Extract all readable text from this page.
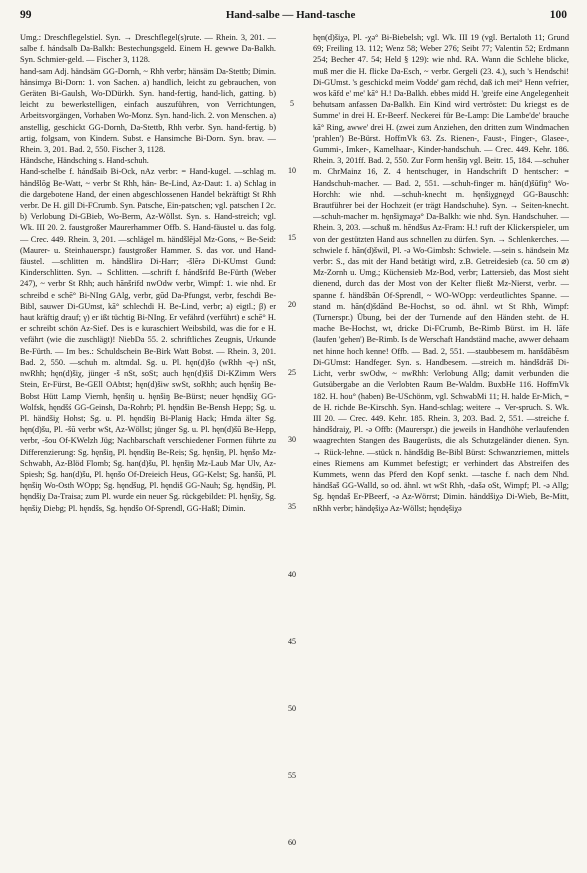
99	Hand-salbe — Hand-tasche	100

Umg.: Dreschflegelstiel. Syn. → Dreschflegel(s)rute. — Rhein. 3, 201. —salbe f. hándsalb Da-Balkh: Bestechungsgeld. Einem H. gewwe Da-Balkh. Syn. Schmier-geld. — Fischer 3, 1128.

hand-sam Adj. händsäm GG-Dornh, ~ Rhh verbr; hänsäm Da-Stettb; Dimin. hänsimχə Bi-Dorn: 1. von Sachen. a) handlich, leicht zu gebrauchen, von Geräten Bi-Gaulsh, Wo-DDürkh. Syn. hand-fertig, hand-lich, gatting. b) leicht zu bewerkstelligen, einfach auszuführen, von Verrichtungen, Arbeitsvorgängen, Vorhaben Wo-Monz. Syn. hand-lich. 2. von Menschen. a) anstellig, geschickt GG-Dornh, Da-Stettb, Rhh verbr. Syn. hand-fertig. b) artig, folgsam, von Kindern. Subst. e Hansimche Bi-Dorn. Syn. brav. — Rhein. 3, 201. Bad. 2, 550. Fischer 3, 1128.

Händsche, Händsching s. Hand-schuh.

Hand-schelbe f. hándšaib Bi-Ock, nAz verbr: = Hand-kugel. —schlag m. händšlōg Be-Watt, ~ verbr St Rhh, hän- Be-Lind, Az-Daut: 1. a) Schlag in die dargebotene Hand, der einen abgeschlossenen Handel bekräftigt St Rhh verbr. De H. gill Di-FCrumb. Syn. Patsche, Ein-patschen; vgl. patschen I 2c. b) Verlobung Di-GBieb, Wo-Berm, Az-Wöllst. Syn. s. Hand-streich; vgl. Wk. III 20. 2. faustgroßer Maurerhammer Offb. S. Hand-fäustel u. das folg. — Crec. 449. Rhein. 3, 201. —schlägel m. händšlējəl Mz-Gons, ~ Be-Seid: (Maurer- u. Steinhauerspr.) faustgroßer Hammer. S. das vor. und Hand-fäustel. —schlitten m. händšlirə Di-Harr; -šlērə Di-KUmst Gund: Kinderschlitten. Syn. → Schlitten. —schrift f. hándšrifd Be-Fürth (Weber 247), ~ verbr St Rhh; auch hānšrifd nwOdw verbr, Wimpf: 1. wie nhd. Er schreibd e schē° Bi-NIng GAlg, verbr, gūd Da-Pfungst, verbr, feschdi Be-Bibl, sauwer Di-GUmst, kā° schlechdi H. Be-Lind, verbr; a) eigtl.; β) er haut kräftig drauf; γ) er ißt tüchtig Bi-NIng. Er vefährd (verführt) e schē° H. er schreibt schön Az-Sief. Des is e kuraschiert Weibsbild, was die for e H. vefährt (wie die zuschlägt)! NiebDa 55. 2. schriftliches Zeugnis, Urkunde Be-Fürth. — Im bes.: Schuldschein Be-Birk Watt Bobst. — Rhein. 3, 201. Bad. 2, 550. —schuh m. altmdal. Sg. u. Pl. hęn(d)šo (wRhh -ę-) nSt, nwRhh; hęn(d)šiχ, jünger -š nSt, soSt; auch hęn(d)šiš Di-KZimm Wers Stein, Er-Fürst, Be-GEll OAbtst; hęn(d)šiw swSt, soRhh; auch hęnšiŋ Be-Bobst Hütt Lamp Viernh, hęnšiŋ u. hęnšiŋ Be-Bürst; neuer hęndšiχ GG-Wolfsk, hęndšś GG-Geinsh, Da-Rohrb; Pl. hęndšin Be-Bensh Hepp; Sg. u. Pl. händšiχ Hohst; Sg. u. Pl. hęndšiŋ Bi-Planig Hack; Hmda älter Sg. hęn(d)šu, Pl. -šū verbr wSt, Az-Wöllst; jünger Sg. u. Pl. hęn(d)šū Be-Hepp, verbr, -šou Of-KWelzh Jüg; Nachbarschaft verschiedener Formen führte zu Differenzierung: Sg. hęnšiŋ, Pl. hęndšiŋ Be-Reis; Sg. hęnšiŋ, Pl. hęnšo Mz-Schwabh, Az-Blöd Flomb; Sg. han(d)šu, Pl. hęnšiŋ Mz-Laub Mar Ulv, Az-Spiesh; Sg. han(d)šu, Pl. hęnšo Of-Dreieich Heus, GG-Kelst; Sg. hanšū, Pl. hęnšiŋ Wo-Osth WOpp; Sg. hęndšug, Pl. hęndiš GG-Nauh; Sg. hęndšiŋ, Pl. hęndšiχ Da-Traisa; zum Pl. wurde ein neuer Sg. rückgebildet: Pl. hęnšiχ, Sg. hęnšiχ Diebg; Pl. hęndšs, Sg. hęndšo Of-Sprendl, GG-Haßl; Dimin.

5
10
15
20
25
30
35
40
45
50
55
60

hęn(d)šiχə, Pl. -χə° Bi-Biebelsh; vgl. Wk. III 19 (vgl. Bertaloth 11; Grund 69; Freiling 13. 112; Wenz 58; Weber 276; Seibt 77; Valentin 52; Erdmann 254; Becher 47. 54; Held § 129): wie nhd. RA. Wann die Schlehe blicke, muß mer die H. flicke Da-Esch, ~ verbr. Gergeli (23. 4.), such 's Hendschi! Di-GUmst. 's geschickd meim Vodde' gam rėchd, daß ich mei° Henn vefrier, wos kāfd e' me' kā° H.! Da-Balkh. ebbes midd H. 'greife eine Angelegenheit behutsam anfassen Da-Balkh. Ein Kind wird vertröstet: Du kriegst es de Summe' in drei H. Er-Beerf. Neckerei für Be-Lamp: Die Lambe'de' brauche kā° Ring, awwe' drei H. (zwei zum Anziehen, den dritten zum Windmachen 'prahlen') Be-Bürst. HoffmVk 63. Zs. Rienen-, Faust-, Finger-, Glasee-, Gummi-, Imker-, Kamelhaar-, Kinder-handschuh. — Crec. 449. Kehr. 186. Rhein. 3, 201ff. Bad. 2, 550. Zur Form henšiŋ vgl. Beitr. 15, 184. —schuher m. ChrMainz 16, Z. 4 hentschuger, in Handschrift D hentscher: = Handschuh-macher. — Bad. 2, 551. —schuh-finger m. hān(d)šūfiŋ° Wo-Horchh: wie nhd. —schuh-knecht m. hęnšiχgnęχd GG-Bauschh: Brautführer bei der Hochzeit (er trägt Handschuhe). Syn. → Seiten-knecht. —schuh-macher m. hęnšiχmaχə° Da-Balkh: wie nhd. Syn. Handschuher. — Rhein. 3, 203. —schuß m. hēndšus Az-Fram: H.! ruft der Klickerspieler, um von der gestützten Hand aus schnellen zu dürfen. Syn. → Schlenkerches. —schwiele f. hān(d)šwil, Pl. -ə Wo-Gimbsh: Schwiele. —sein s. händsein Mz verbr: S., das mit der Hand betätigt wird, z.B. Getreidesieb (ca. 50 cm ⌀) Mz-Zornh u. Umg.; Küchensieb Mz-Bod, verbr; Lattersieb, das Most sieht dienend, durch das der Most von der Kelter fließt Mz-Nierst, verbr. —spanne f. händšbān Of-Sprendl, ~ WO-WOpp: verdeutlichtes Spanne. —stand m. hān(d)šdānd Be-Hochst, so od. ähnl. wt St Rhh, Wimpf: (Turnerspr.) Übung, bei der der Turnende auf den Händen steht. de H. mache Be-Hochst, wt, dricke Di-FCrumb, Be-Rimb Bürst. im H. lāfe (laufen 'gehen') Be-Rimb. Is de Werschaft Handständ mache, awwer dehaam net hinne hoch kenne! Offb. — Bad. 2, 551. —staubbesem m. hanšdābēsm Di-GUmst: Handfeger. Syn. s. Handbesem. —streich m. händšdrāš Di-Licht, verbr swOdw, ~ nwRhh: Verlobung Allg; damit verbunden die Gutsübergabe an die Verlobten Raum Be-Waldm. BuxbHe 116. HoffmVk 182. H. hou° (haben) Be-USchönm, vgl. SchwabMi 11; H. halde Er-Mich, = de H. richde Be-Kirschh. Syn. Hand-schlag; weitere → Ver-spruch. S. Wk. III 20. — Crec. 449. Kehr. 185. Rhein. 3, 203. Bad. 2, 551. —streiche f. händšdraiχ, Pl. -ə Offb: (Maurerspr.) die jeweils in Handhöhe verlaufenden waagrechten Stangen des Baugerüsts, die als Schutzgeländer dienen. Syn. → Rück-lehne. —stück n. händšdig Be-Bibl Bürst: Schwanzriemen, mittels eines Riemens am Kummet befestigt; er verhindert das Abstreifen des Kummets, wenn das Pferd den Kopf senkt. —tasche f. nach dem Nhd. händšaš GG-Walld, so od. ähnl. wt wSt Rhh, -dašə oSt, Wimpf; Pl. -ə Allg; Sg. hęndaš Er-PBeerf, -ə Az-Wörrst; Dimin. händdšiχə Di-Wieb, Be-Mitt, nRhh verbr; händęšiχə Az-Wöllst; hęndęšiχə
